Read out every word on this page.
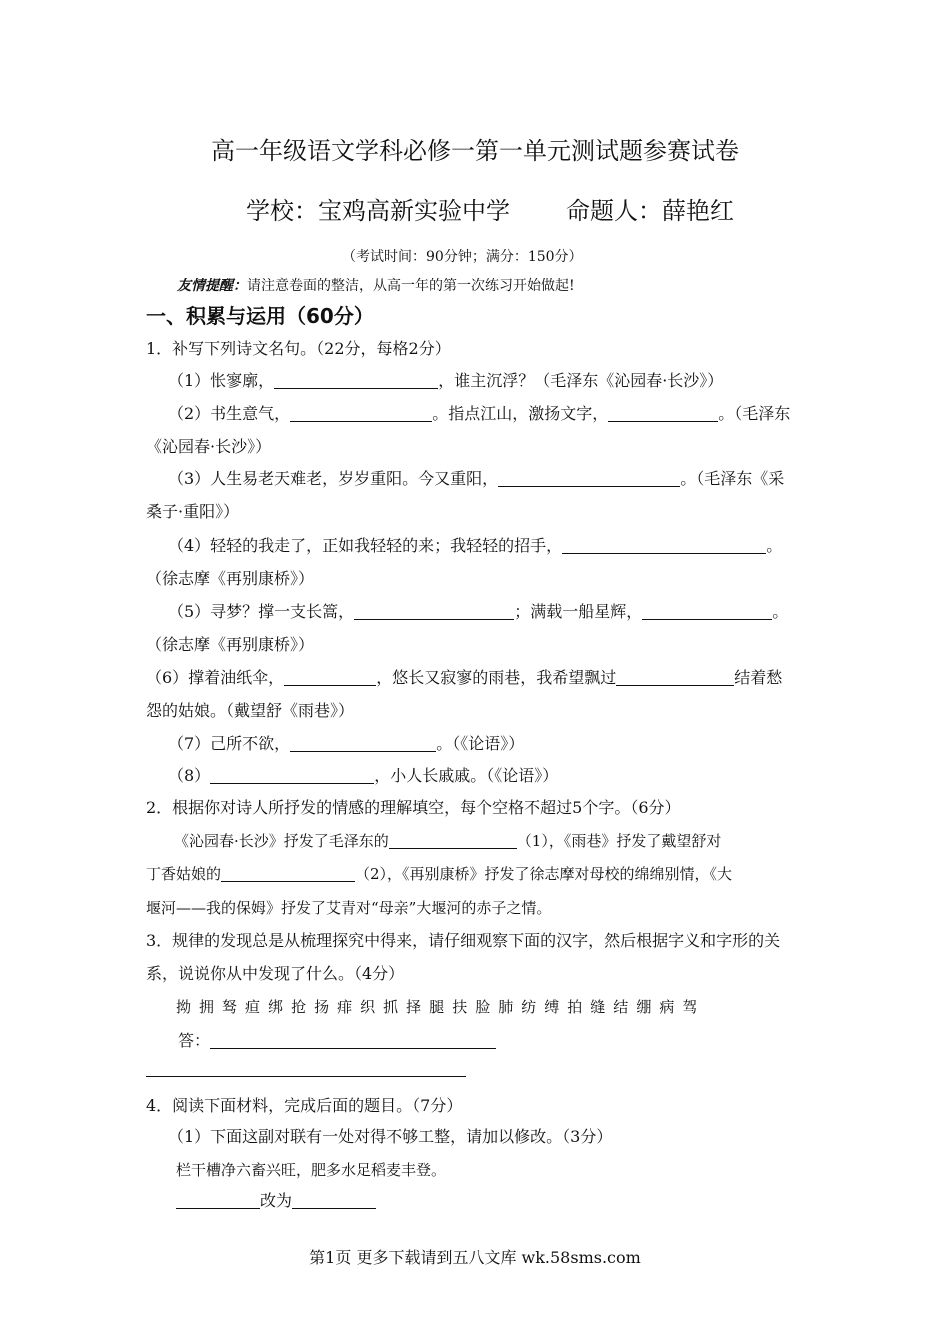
高一年级语文学科必修一第一单元测试题参赛试卷
学校：宝鸡高新实验中学 命题人：薛艳红
（考试时间：90分钟；满分：150分）
友情提醒：请注意卷面的整洁，从高一年的第一次练习开始做起!
一、积累与运用（60分）
1．补写下列诗文名句。（22分，每格2分）
（1）怅寥廓，	，谁主沉浮？（毛泽东《沁园春·长沙》）
（2）书生意气，	。指点江山，激扬文字，	。（毛泽东
《沁园春·长沙》）
（3）人生易老天难老，岁岁重阳。今又重阳，	。（毛泽东《采
桑子·重阳》）
（4）轻轻的我走了，正如我轻轻的来；我轻轻的招手，	。
（徐志摩《再别康桥》）
（5）寻梦？撑一支长篙，	；满载一船星辉，	。
（徐志摩《再别康桥》）
（6）撑着油纸伞，	，悠长又寂寥的雨巷，我希望飘过	结着愁
怨的姑娘。（戴望舒《雨巷》）
（7）己所不欲，	。（《论语》）
（8）	，小人长戚戚。（《论语》）
2．根据你对诗人所抒发的情感的理解填空，每个空格不超过5个字。（6分）
《沁园春·长沙》抒发了毛泽东的	（1），《雨巷》抒发了戴望舒对
丁香姑娘的	（2），《再别康桥》抒发了徐志摩对母校的绵绵别情，《大
堰河——我的保姆》抒发了艾青对“母亲”大堰河的赤子之情。
3．规律的发现总是从梳理探究中得来，请仔细观察下面的汉字，然后根据字义和字形的关
系，说说你从中发现了什么。（4分）
拗 拥 驽 疸 绑 抢 扬 痱 织 抓 择 腿 扶 脸 肺 纺 缚 拍 缝 结 绷 病 驾
答：
4．阅读下面材料，完成后面的题目。（7分）
（1）下面这副对联有一处对得不够工整，请加以修改。（3分）
栏干槽净六畜兴旺，肥多水足稻麦丰登。
改为
第1页 更多下载请到五八文库 wk.58sms.com
